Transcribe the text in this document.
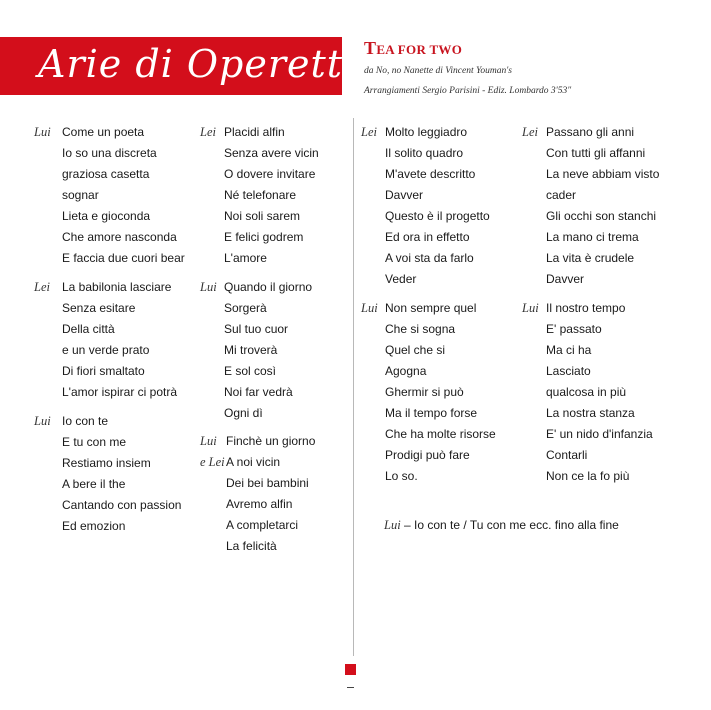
Arie di Operetta
TEA FOR TWO
da No, no Nanette di Vincent Youman's
Arrangiamenti Sergio Parisini - Ediz. Lombardo 3'53"
Lui Come un poeta
Io so una discreta
graziosa casetta
sognar
Lieta e gioconda
Che amore nasconda
E faccia due cuori bear
Lei La babilonia lasciare
Senza esitare
Della città
e un verde prato
Di fiori smaltato
L'amor ispirar ci potrà
Lui Io con te
E tu con me
Restiamo insiem
A bere il the
Cantando con passion
Ed emozion
Lei Placidi alfin
Senza avere vicin
O dovere invitare
Né telefonare
Noi soli sarem
E felici godrem
L'amore
Lui Quando il giorno
Sorgerà
Sul tuo cuor
Mi troverà
E sol così
Noi far vedrà
Ogni dì
Lui Finchè un giorno
e Lei A noi vicin
Dei bei bambini
Avremo alfin
A completarci
La felicità
Lei Molto leggiadro
Il solito quadro
M'avete descritto
Davver
Questo è il progetto
Ed ora in effetto
A voi sta da farlo
Veder
Lui Non sempre quel
Che si sogna
Quel che si
Agogna
Ghermir si può
Ma il tempo forse
Che ha molte risorse
Prodigi può fare
Lo so.
Lei Passano gli anni
Con tutti gli affanni
La neve abbiam visto
cader
Gli occhi son stanchi
La mano ci trema
La vita è crudele
Davver
Lui Il nostro tempo
E' passato
Ma ci ha
Lasciato
qualcosa in più
La nostra stanza
E' un nido d'infanzia
Contarli
Non ce la fo più
Lui – Io con te / Tu con me ecc. fino alla fine
